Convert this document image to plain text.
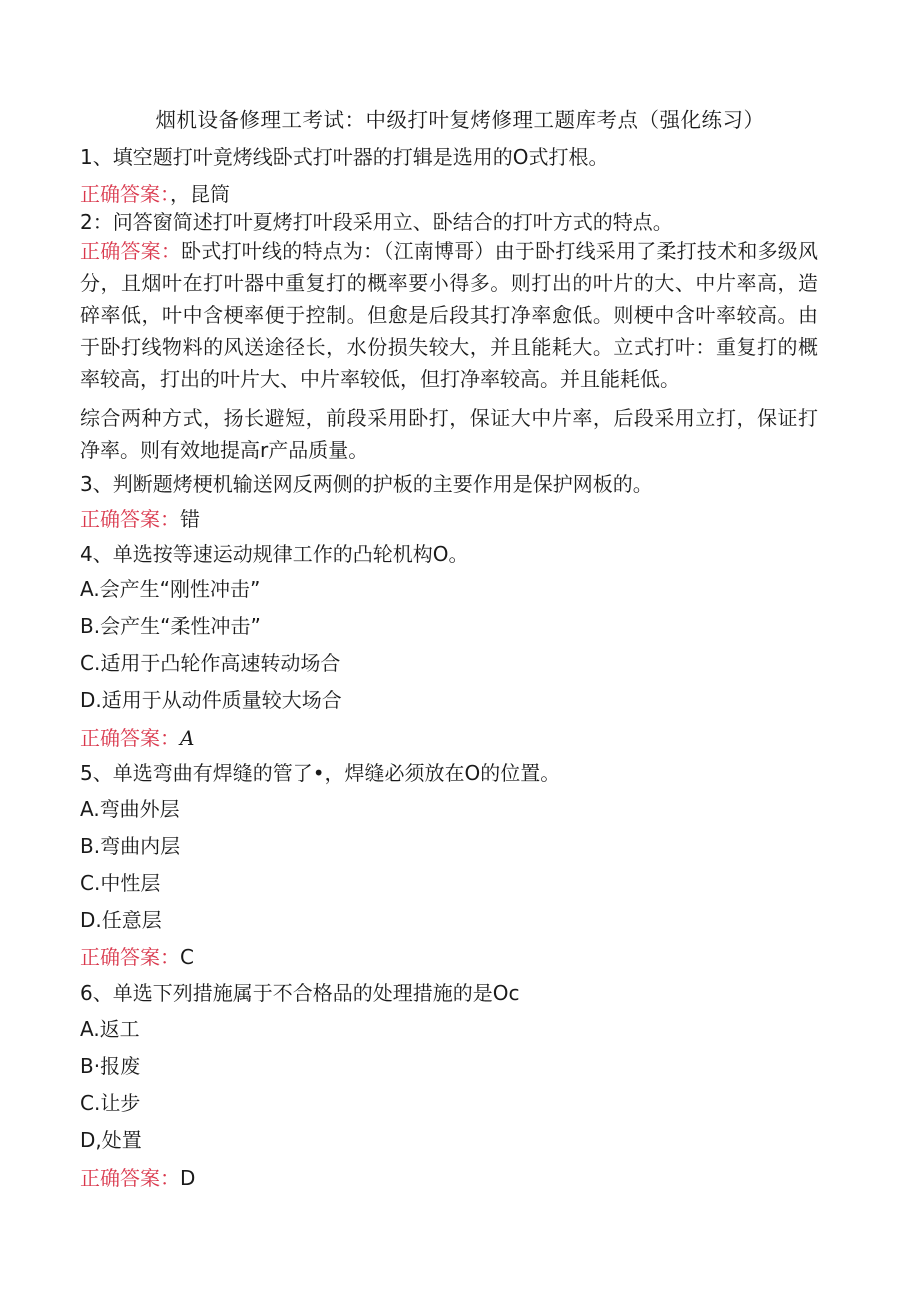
烟机设备修理工考试：中级打叶复烤修理工题库考点（强化练习）
1、填空题打叶竟烤线卧式打叶器的打辑是选用的O式打根。
正确答案：，昆筒
2：问答窗简述打叶夏烤打叶段采用立、卧结合的打叶方式的特点。
正确答案：卧式打叶线的特点为：（江南博哥）由于卧打线采用了柔打技术和多级风分，且烟叶在打叶器中重复打的概率要小得多。则打出的叶片的大、中片率高，造碎率低，叶中含梗率便于控制。但愈是后段其打净率愈低。则梗中含叶率较高。由于卧打线物料的风送途径长，水份损失较大，并且能耗大。立式打叶：重复打的概率较高，打出的叶片大、中片率较低，但打净率较高。并且能耗低。
综合两种方式，扬长避短，前段采用卧打，保证大中片率，后段采用立打，保证打净率。则有效地提高r产品质量。
3、判断题烤梗机输送网反两侧的护板的主要作用是保护网板的。
正确答案：错
4、单选按等速运动规律工作的凸轮机构O。
A.会产生“刚性冲击”
B.会产生“柔性冲击”
C.适用于凸轮作高速转动场合
D.适用于从动件质量较大场合
正确答案：A
5、单选弯曲有焊缝的管了•，焊缝必须放在O的位置。
A.弯曲外层
B.弯曲内层
C.中性层
D.任意层
正确答案：C
6、单选下列措施属于不合格品的处理措施的是Oc
A.返工
B·报废
C.让步
D,处置
正确答案：D
